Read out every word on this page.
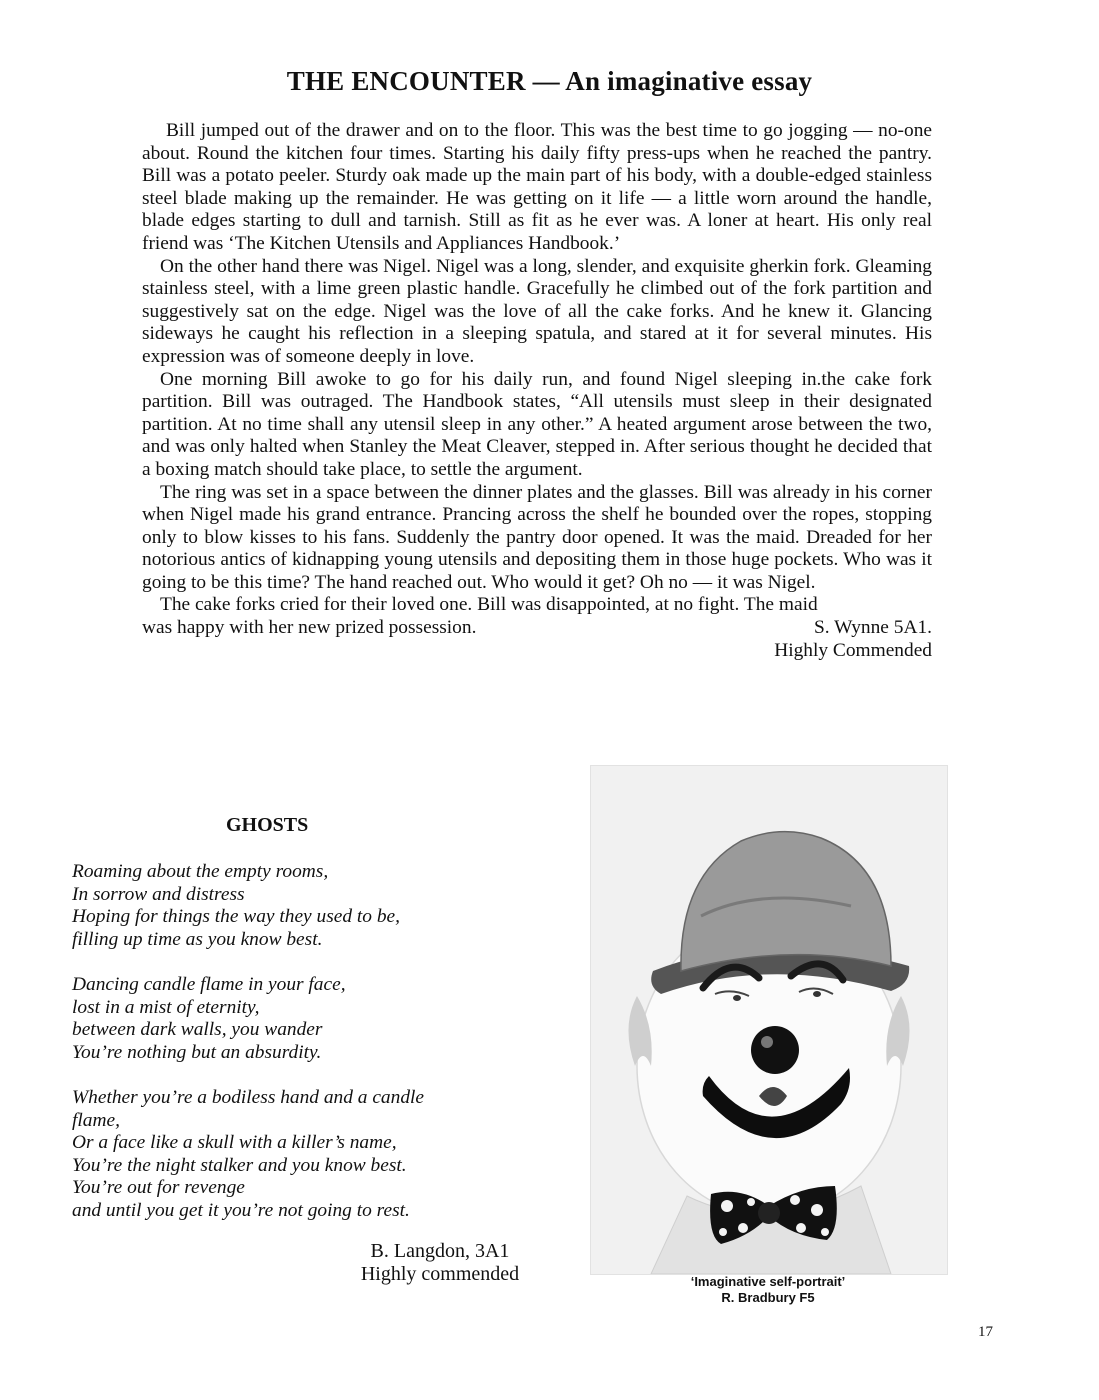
THE ENCOUNTER — An imaginative essay

Bill jumped out of the drawer and on to the floor. This was the best time to go jogging — no-one about. Round the kitchen four times. Starting his daily fifty press-ups when he reached the pantry. Bill was a potato peeler. Sturdy oak made up the main part of his body, with a double-edged stainless steel blade making up the remainder. He was getting on it life — a little worn around the handle, blade edges starting to dull and tarnish. Still as fit as he ever was. A loner at heart. His only real friend was ‘The Kitchen Utensils and Appliances Handbook.’

On the other hand there was Nigel. Nigel was a long, slender, and exquisite gherkin fork. Gleaming stainless steel, with a lime green plastic handle. Gracefully he climbed out of the fork partition and suggestively sat on the edge. Nigel was the love of all the cake forks. And he knew it. Glancing sideways he caught his reflection in a sleeping spatula, and stared at it for several minutes. His expression was of someone deeply in love.

One morning Bill awoke to go for his daily run, and found Nigel sleeping in.the cake fork partition. Bill was outraged. The Handbook states, “All utensils must sleep in their designated partition. At no time shall any utensil sleep in any other.” A heated argument arose between the two, and was only halted when Stanley the Meat Cleaver, stepped in. After serious thought he decided that a boxing match should take place, to settle the argument.

The ring was set in a space between the dinner plates and the glasses. Bill was already in his corner when Nigel made his grand entrance. Prancing across the shelf he bounded over the ropes, stopping only to blow kisses to his fans. Suddenly the pantry door opened. It was the maid. Dreaded for her notorious antics of kidnapping young utensils and depositing them in those huge pockets. Who was it going to be this time? The hand reached out. Who would it get? Oh no — it was Nigel.

The cake forks cried for their loved one. Bill was disappointed, at no fight. The maid

was happy with her new prized possession.	S. Wynne 5A1.
Highly Commended
GHOSTS
Roaming about the empty rooms,
In sorrow and distress
Hoping for things the way they used to be,
filling up time as you know best.
Dancing candle flame in your face,
lost in a mist of eternity,
between dark walls, you wander
You’re nothing but an absurdity.
Whether you’re a bodiless hand and a candle
flame,
Or a face like a skull with a killer’s name,
You’re the night stalker and you know best.
You’re out for revenge
and until you get it you’re not going to rest.
B. Langdon, 3A1
Highly commended	‘Imaginative self-portrait’
R. Bradbury F5
17
